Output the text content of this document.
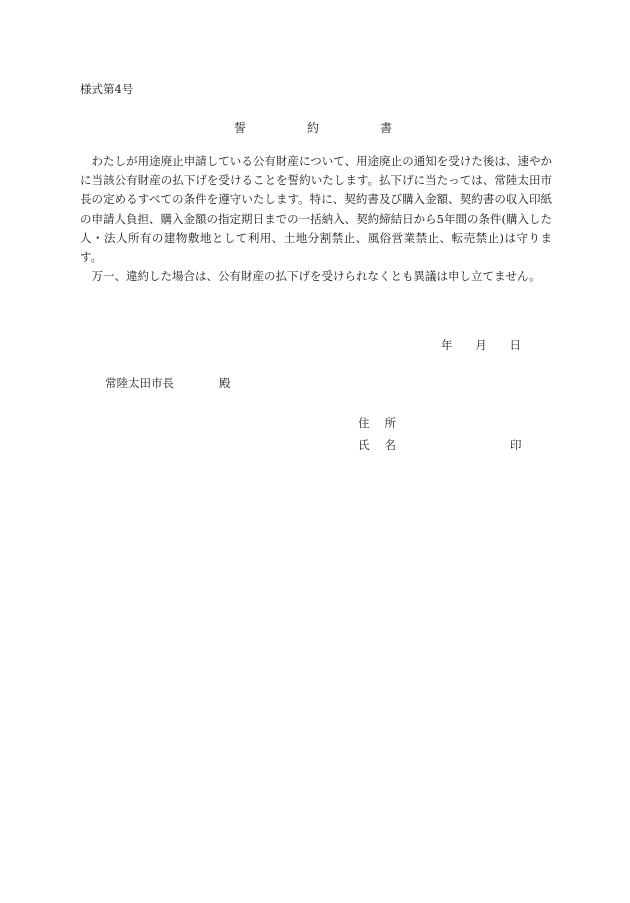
様式第4号
誓	約	書

わたしが用途廃止申請している公有財産について、用途廃止の通知を受けた後は、速やかに当該公有財産の払下げを受けることを誓約いたします。払下げに当たっては、常陸太田市長の定めるすべての条件を遵守いたします。特に、契約書及び購入金額、契約書の収入印紙の申請人負担、購入金額の指定期日までの一括納入、契約締結日から5年間の条件(購入した人・法人所有の建物敷地として利用、土地分割禁止、風俗営業禁止、転売禁止)は守ります。

万一、違約した場合は、公有財産の払下げを受けられなくとも異議は申し立てません。

年 月 日
常陸太田市長	殿
住 所
氏 名	印
